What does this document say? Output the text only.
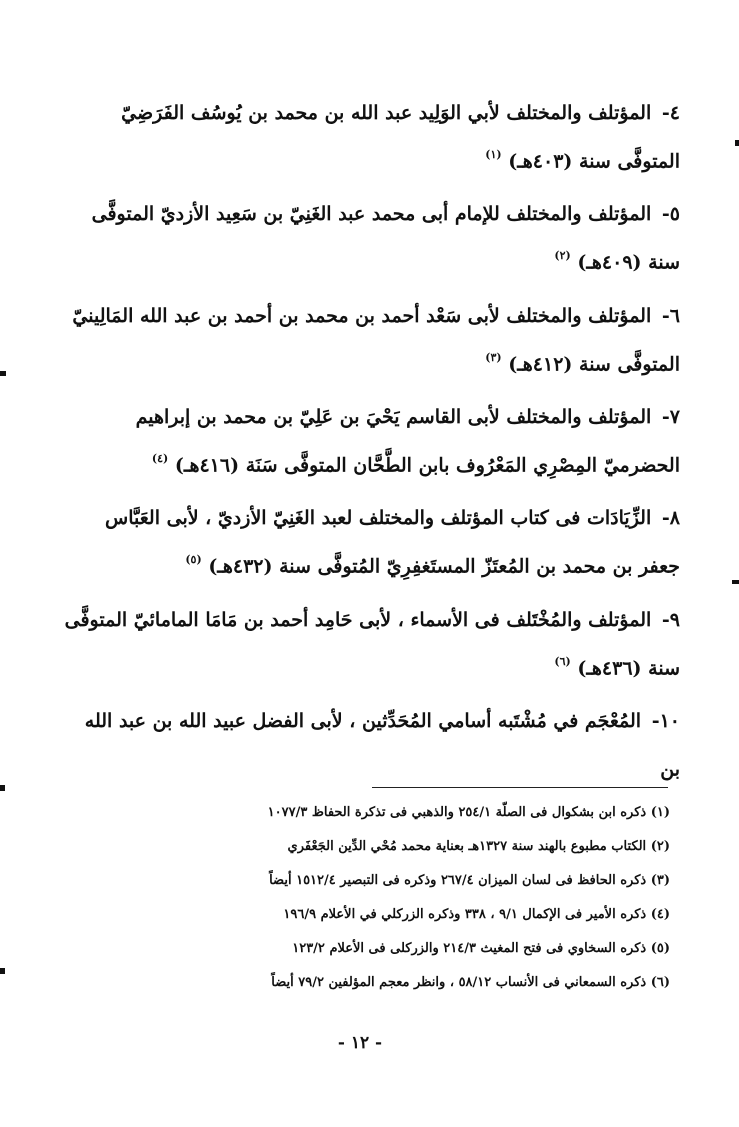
٤- المؤتلف والمختلف لأبي الوَلِيد عبد الله بن محمد بن يُوسُف الفَرَضِيّ المتوفَّى سنة (٤٠٣هـ) $^{(١)}$
٥- المؤتلف والمختلف للإمام أبى محمد عبد الغَنِيّ بن سَعِيد الأزديّ المتوفَّى سنة (٤٠٩هـ) $^{(٢)}$
٦- المؤتلف والمختلف لأبى سَعْد أحمد بن محمد بن أحمد بن عبد الله المَالِينيّ المتوفَّى سنة (٤١٢هـ) $^{(٣)}$
٧- المؤتلف والمختلف لأبى القاسم يَحْيَ بن عَلِيّ بن محمد بن إبراهيم الحضرميّ المِصْرِي المَعْرُوف بابن الطَّحَّان المتوفَّى سَنَة (٤١٦هـ) $^{(٤)}$
٨- الزِّيَادَات فى كتاب المؤتلف والمختلف لعبد الغَنِيّ الأزديّ ، لأبى العَبَّاس جعفر بن محمد بن المُعتَزّ المستَغفِرِيّ المُتوفَّى سنة (٤٣٢هـ) $^{(٥)}$
٩- المؤتلف والمُخْتَلف فى الأسماء ، لأبى حَامِد أحمد بن مَامَا المامائيّ المتوفَّى سنة (٤٣٦هـ) $^{(٦)}$
١٠- المُعْجَم في مُشْتَبه أسامي المُحَدِّثين ، لأبى الفضل عبيد الله بن عبد الله بن
(١) ذكره ابن بشكوال فى الصلّة ٢٥٤/١ والذهبي فى تذكرة الحفاظ ١٠٧٧/٣
(٢) الكتاب مطبوع بالهند سنة ١٣٢٧هـ بعناية محمد مُحْي الدِّين الجَعْفَري
(٣) ذكره الحافظ فى لسان الميزان ٢٦٧/٤ وذكره فى التبصير ١٥١٢/٤ أيضاً
(٤) ذكره الأمير فى الإكمال ٩/١ ، ٣٣٨ وذكره الزركلي في الأعلام ١٩٦/٩
(٥) ذكره السخاوي فى فتح المغيث ٢١٤/٣ والزركلى فى الأعلام ١٢٣/٢
(٦) ذكره السمعاني فى الأنساب ٥٨/١٢ ، وانظر معجم المؤلفين ٧٩/٢ أيضاً
- ١٢ -
